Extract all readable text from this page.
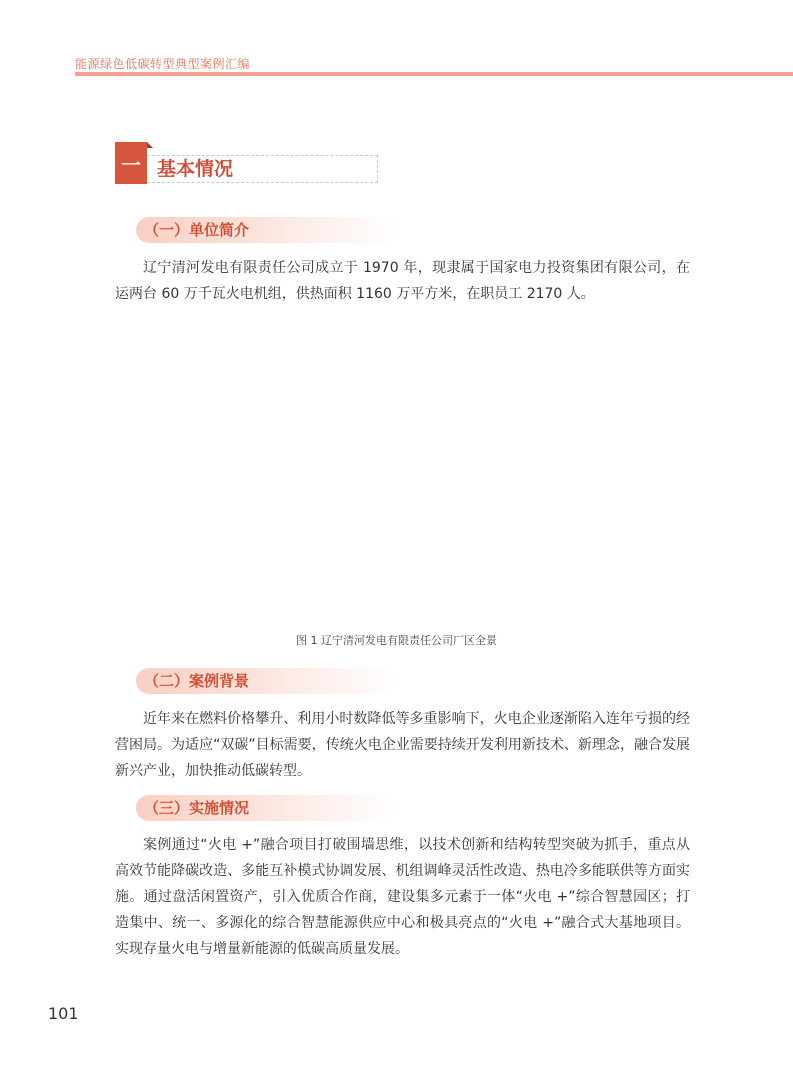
能源绿色低碳转型典型案例汇编
一 基本情况
（一）单位简介

辽宁清河发电有限责任公司成立于 1970 年，现隶属于国家电力投资集团有限公司，在运两台 60 万千瓦火电机组，供热面积 1160 万平方米，在职员工 2170 人。

图 1 辽宁清河发电有限责任公司厂区全景
（二）案例背景

近年来在燃料价格攀升、利用小时数降低等多重影响下，火电企业逐渐陷入连年亏损的经营困局。为适应“双碳”目标需要，传统火电企业需要持续开发利用新技术、新理念，融合发展新兴产业，加快推动低碳转型。

（三）实施情况

案例通过“火电 +”融合项目打破围墙思维，以技术创新和结构转型突破为抓手，重点从高效节能降碳改造、多能互补模式协调发展、机组调峰灵活性改造、热电冷多能联供等方面实施。通过盘活闲置资产，引入优质合作商，建设集多元素于一体“火电 +”综合智慧园区；打造集中、统一、多源化的综合智慧能源供应中心和极具亮点的“火电 +”融合式大基地项目。实现存量火电与增量新能源的低碳高质量发展。

101
